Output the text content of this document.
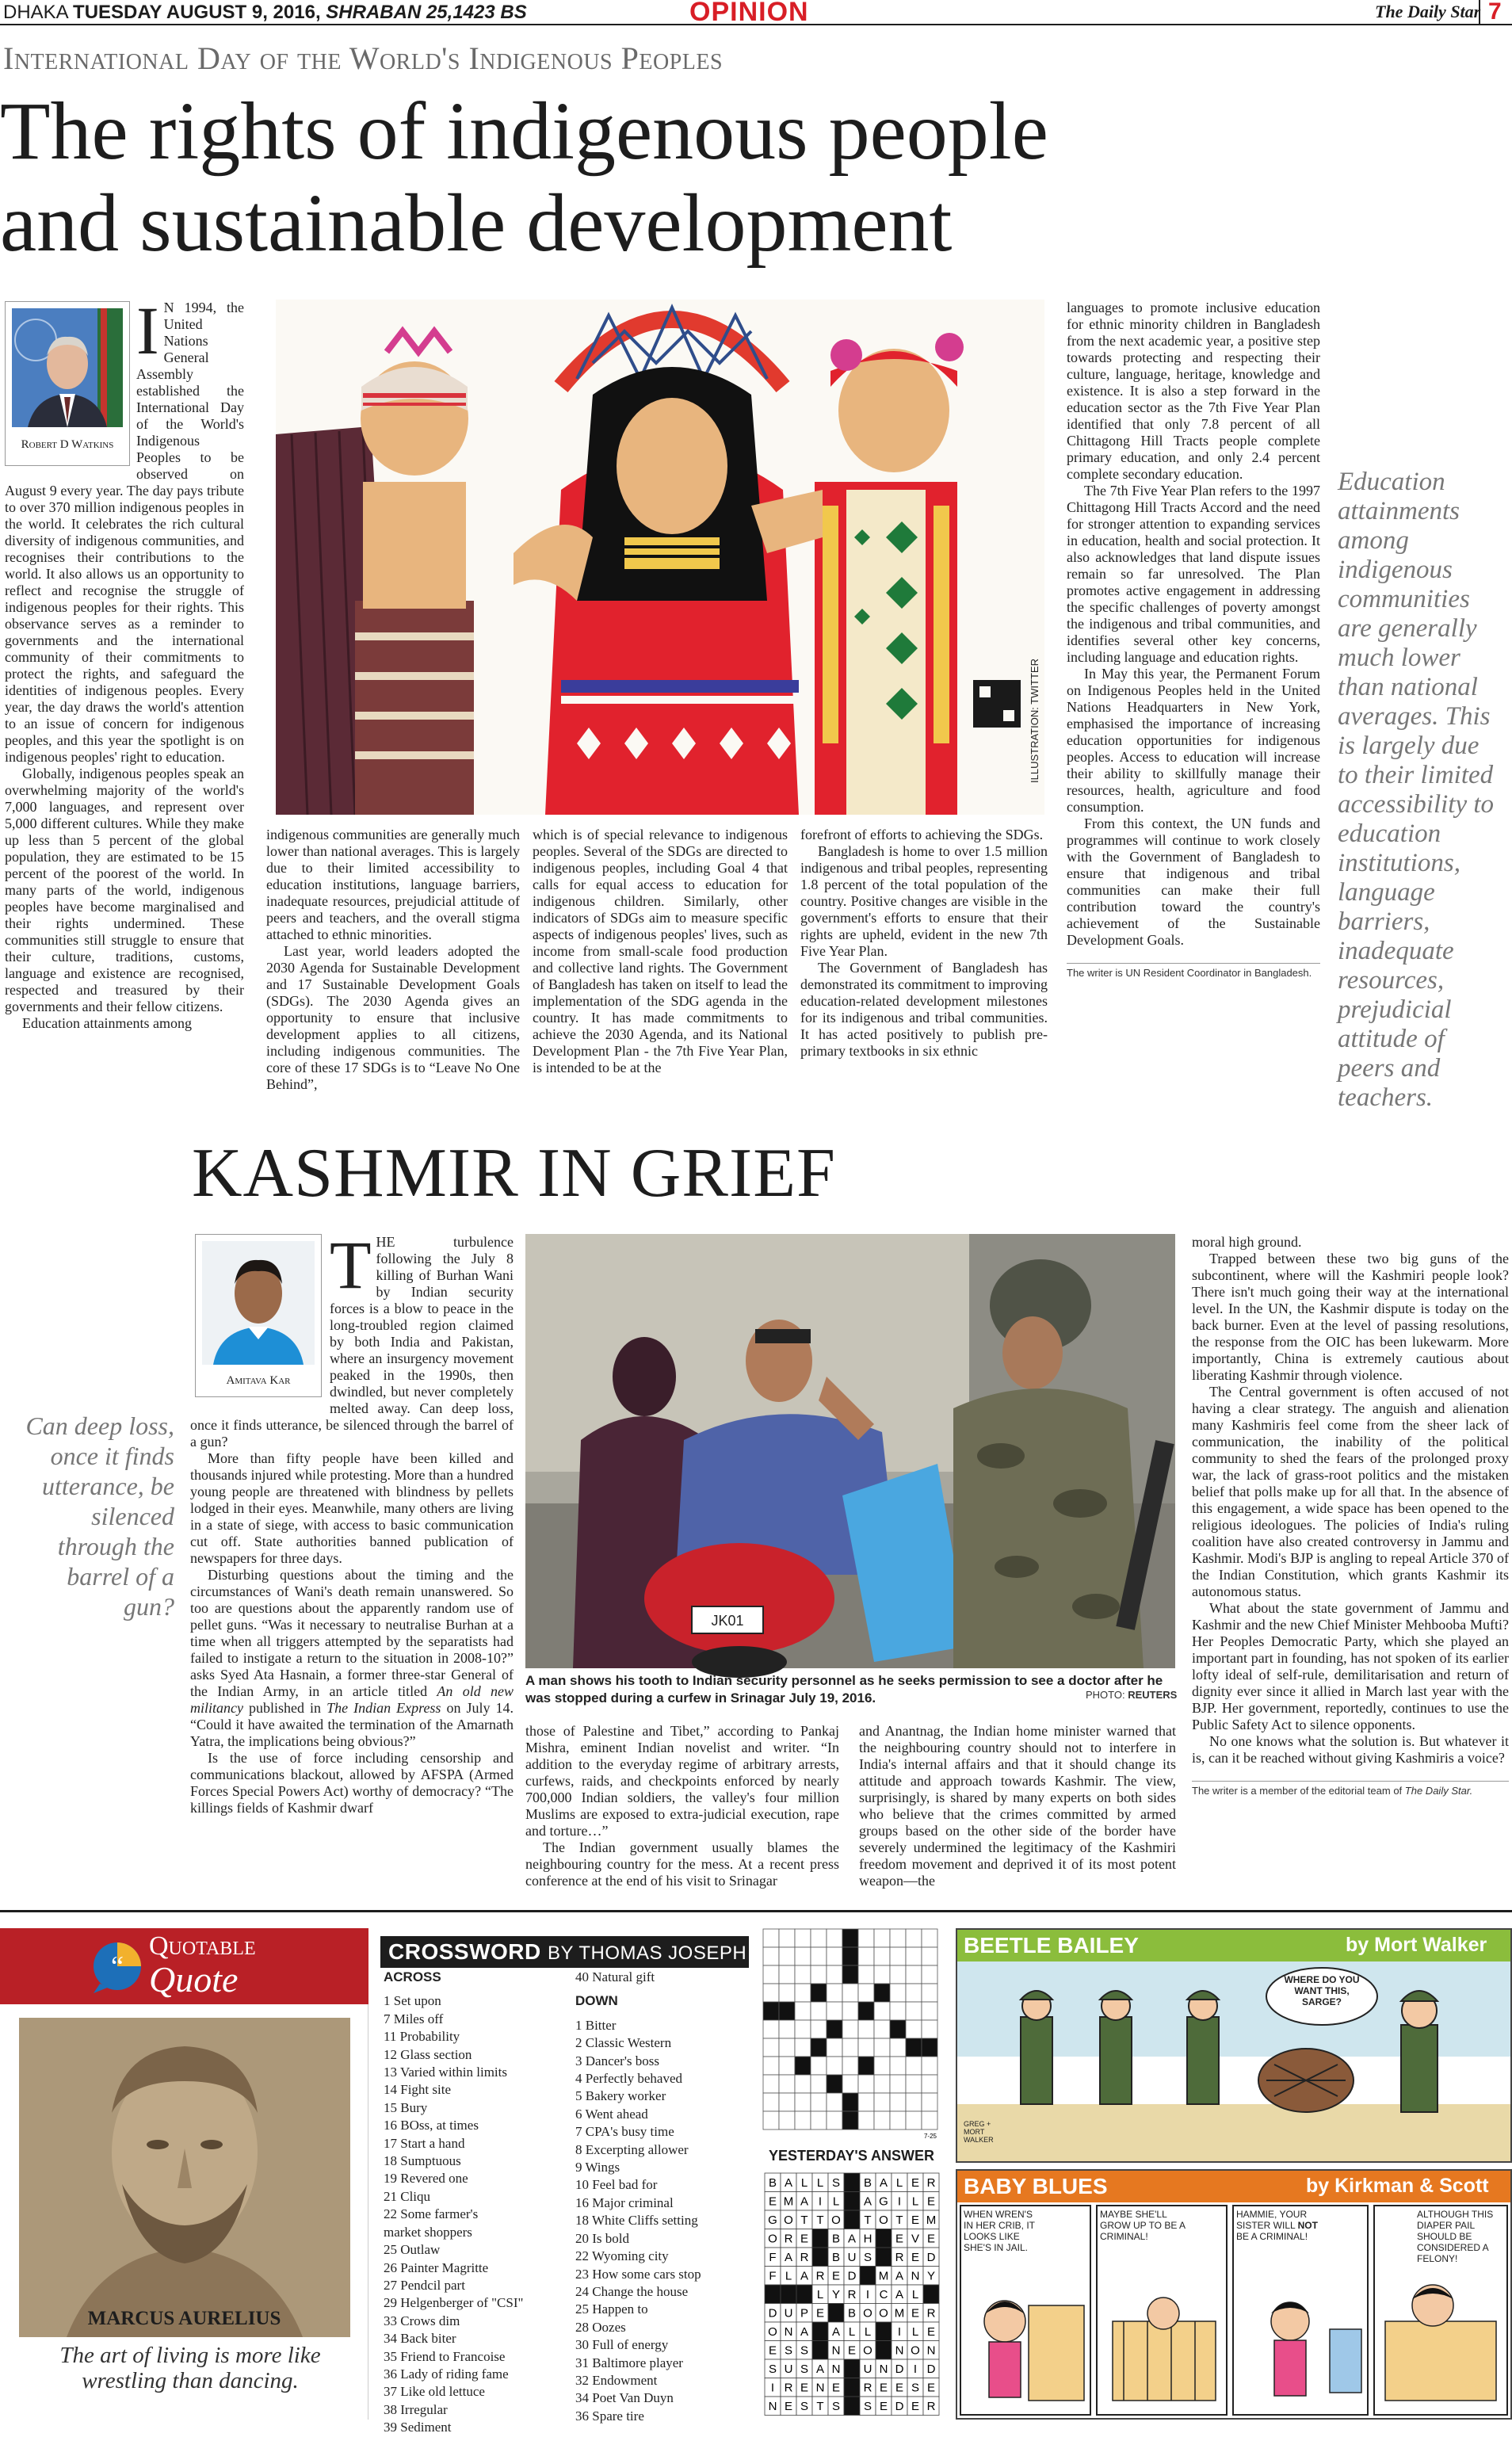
DHAKA TUESDAY AUGUST 9, 2016, SHRABAN 25,1423 BS	OPINION	The Daily Star 7
International Day of the World's Indigenous Peoples
The rights of indigenous people
and sustainable development
Robert D Watkins
I N 1994, the United Nations General Assembly established the International Day of the World's Indigenous Peoples to be observed on August 9 every year. The day pays tribute to over 370 million indigenous peoples in the world. It celebrates the rich cultural diversity of indigenous communities, and recognises their contributions to the world. It also allows us an opportunity to reflect and recognise the struggle of indigenous peoples for their rights. This observance serves as a reminder to governments and the international community of their commitments to protect the rights, and safeguard the identities of indigenous peoples. Every year, the day draws the world's attention to an issue of concern for indigenous peoples, and this year the spotlight is on indigenous peoples' right to education.

Globally, indigenous peoples speak an overwhelming majority of the world's 7,000 languages, and represent over 5,000 different cultures. While they make up less than 5 percent of the global population, they are estimated to be 15 percent of the poorest of the world. In many parts of the world, indigenous peoples have become marginalised and their rights undermined. These communities still struggle to ensure that their culture, traditions, customs, language and existence are recognised, respected and treasured by their governments and their fellow citizens.

Education attainments among

ILLUSTRATION: TWITTER

indigenous communities are generally much lower than national averages. This is largely due to their limited accessibility to education institutions, language barriers, inadequate resources, prejudicial attitude of peers and teachers, and the overall stigma attached to ethnic minorities.

Last year, world leaders adopted the 2030 Agenda for Sustainable Development and 17 Sustainable Development Goals (SDGs). The 2030 Agenda gives an opportunity to ensure that inclusive development applies to all citizens, including indigenous communities. The core of these 17 SDGs is to “Leave No One Behind”,

which is of special relevance to indigenous peoples. Several of the SDGs are directed to indigenous peoples, including Goal 4 that calls for equal access to education for indigenous children. Similarly, other indicators of SDGs aim to measure specific aspects of indigenous peoples' lives, such as income from small-scale food production and collective land rights. The Government of Bangladesh has taken on itself to lead the implementation of the SDG agenda in the country. It has made commitments to achieve the 2030 Agenda, and its National Development Plan - the 7th Five Year Plan, is intended to be at the

forefront of efforts to achieving the SDGs.

Bangladesh is home to over 1.5 million indigenous and tribal peoples, representing 1.8 percent of the total population of the country. Positive changes are visible in the government's efforts to ensure that their rights are upheld, evident in the new 7th Five Year Plan.

The Government of Bangladesh has demonstrated its commitment to improving education-related development milestones for its indigenous and tribal communities. It has acted positively to publish pre-primary textbooks in six ethnic

languages to promote inclusive education for ethnic minority children in Bangladesh from the next academic year, a positive step towards protecting and respecting their culture, language, heritage, knowledge and existence. It is also a step forward in the education sector as the 7th Five Year Plan identified that only 7.8 percent of all Chittagong Hill Tracts people complete primary education, and only 2.4 percent complete secondary education.

The 7th Five Year Plan refers to the 1997 Chittagong Hill Tracts Accord and the need for stronger attention to expanding services in education, health and social protection. It also acknowledges that land dispute issues remain so far unresolved. The Plan promotes active engagement in addressing the specific challenges of poverty amongst the indigenous and tribal communities, and identifies several other key concerns, including language and education rights.

In May this year, the Permanent Forum on Indigenous Peoples held in the United Nations Headquarters in New York, emphasised the importance of increasing education opportunities for indigenous peoples. Access to education will increase their ability to skillfully manage their resources, health, agriculture and food consumption.

From this context, the UN funds and programmes will continue to work closely with the Government of Bangladesh to ensure that indigenous and tribal communities can make their full contribution toward the country's achievement of the Sustainable Development Goals.

The writer is UN Resident Coordinator in Bangladesh.
Education attainments among indigenous communities are generally much lower than national averages. This is largely due to their limited accessibility to education institutions, language barriers, inadequate resources, prejudicial attitude of peers and teachers.
KASHMIR IN GRIEF
Amitava Kar
Can deep loss, once it finds utterance, be silenced through the barrel of a gun?
T HE turbulence following the July 8 killing of Burhan Wani by Indian security forces is a blow to peace in the long-troubled region claimed by both India and Pakistan, where an insurgency movement peaked in the 1990s, then dwindled, but never completely melted away. Can deep loss, once it finds utterance, be silenced through the barrel of a gun?

More than fifty people have been killed and thousands injured while protesting. More than a hundred young people are threatened with blindness by pellets lodged in their eyes. Meanwhile, many others are living in a state of siege, with access to basic communication cut off. State authorities banned publication of newspapers for three days.

Disturbing questions about the timing and the circumstances of Wani's death remain unanswered. So too are questions about the apparently random use of pellet guns. “Was it necessary to neutralise Burhan at a time when all triggers attempted by the separatists had failed to instigate a return to the situation in 2008-10?” asks Syed Ata Hasnain, a former three-star General of the Indian Army, in an article titled An old new militancy published in The Indian Express on July 14. “Could it have awaited the termination of the Amarnath Yatra, the implications being obvious?”

Is the use of force including censorship and communications blackout, allowed by AFSPA (Armed Forces Special Powers Act) worthy of democracy? “The killings fields of Kashmir dwarf

JK01
A man shows his tooth to Indian security personnel as he seeks permission to see a doctor after he was stopped during a curfew in Srinagar July 19, 2016.	PHOTO: REUTERS

those of Palestine and Tibet,” according to Pankaj Mishra, eminent Indian novelist and writer. “In addition to the everyday regime of arbitrary arrests, curfews, raids, and checkpoints enforced by nearly 700,000 Indian soldiers, the valley's four million Muslims are exposed to extra-judicial execution, rape and torture…”

The Indian government usually blames the neighbouring country for the mess. At a recent press conference at the end of his visit to Srinagar

and Anantnag, the Indian home minister warned that the neighbouring country should not to interfere in India's internal affairs and that it should change its attitude and approach towards Kashmir. The view, surprisingly, is shared by many experts on both sides who believe that the crimes committed by armed groups based on the other side of the border have severely undermined the legitimacy of the Kashmiri freedom movement and deprived it of its most potent weapon—the

moral high ground.

Trapped between these two big guns of the subcontinent, where will the Kashmiri people look? There isn't much going their way at the international level. In the UN, the Kashmir dispute is today on the back burner. Even at the level of passing resolutions, the response from the OIC has been lukewarm. More importantly, China is extremely cautious about liberating Kashmir through violence.

The Central government is often accused of not having a clear strategy. The anguish and alienation many Kashmiris feel come from the sheer lack of communication, the inability of the political community to shed the fears of the prolonged proxy war, the lack of grass-root politics and the mistaken belief that polls make up for all that. In the absence of this engagement, a wide space has been opened to the religious ideologues. The policies of India's ruling coalition have also created controversy in Jammu and Kashmir. Modi's BJP is angling to repeal Article 370 of the Indian Constitution, which grants Kashmir its autonomous status.

What about the state government of Jammu and Kashmir and the new Chief Minister Mehbooba Mufti? Her Peoples Democratic Party, which she played an important part in founding, has not spoken of its earlier lofty ideal of self-rule, demilitarisation and return of dignity ever since it allied in March last year with the BJP. Her government, reportedly, continues to use the Public Safety Act to silence opponents.

No one knows what the solution is. But whatever it is, can it be reached without giving Kashmiris a voice?

The writer is a member of the editorial team of The Daily Star.
“
Quotable
Quote
MARCUS AURELIUS
The art of living is more like wrestling than dancing.
CROSSWORD BY THOMAS JOSEPH
ACROSS
1 Set upon
7 Miles off
11 Probability
12 Glass section
13 Varied within limits
14 Fight site
15 Bury
16 BOss, at times
17 Start a hand
18 Sumptuous
19 Revered one
21 Cliqu
22 Some farmer's
market shoppers
25 Outlaw
26 Painter Magritte
27 Pendcil part
29 Helgenberger of "CSI"
33 Crows dim
34 Back biter
35 Friend to Francoise
36 Lady of riding fame
37 Like old lettuce
38 Irregular
39 Sediment
40 Natural gift
DOWN
1 Bitter
2 Classic Western
3 Dancer's boss
4 Perfectly behaved
5 Bakery worker
6 Went ahead
7 CPA's busy time
8 Excerpting allower
9 Wings
10 Feel bad for
16 Major criminal
18 White Cliffs setting
20 Is bold
22 Wyoming city
23 How some cars stop
24 Change the house
25 Happen to
28 Oozes
30 Full of energy
31 Baltimore player
32 Endowment
34 Poet Van Duyn
36 Spare tire
7-25
YESTERDAY'S ANSWER
B A L L S B A L E R
E M A I L A G I L E
G O T T O T O T E M
O R E B A H E V E
F A R B U S R E D
F L A R E D M A N Y
L Y R I C A L
D U P E B O O M E R
O N A A L L I L E
E S S N E O N O N
S U S A N U N D I D
I R E N E R E E S E
N E S T S S E D E R
BEETLE BAILEY	by Mort Walker
WHERE DO YOU WANT THIS, SARGE?
GREG + MORT WALKER
BABY BLUES	by Kirkman & Scott
WHEN WREN'S IN HER CRIB, IT LOOKS LIKE SHE'S IN JAIL.
MAYBE SHE'LL GROW UP TO BE A CRIMINAL!
HAMMIE, YOUR SISTER WILL NOT BE A CRIMINAL!
ALTHOUGH THIS DIAPER PAIL SHOULD BE CONSIDERED A FELONY!
